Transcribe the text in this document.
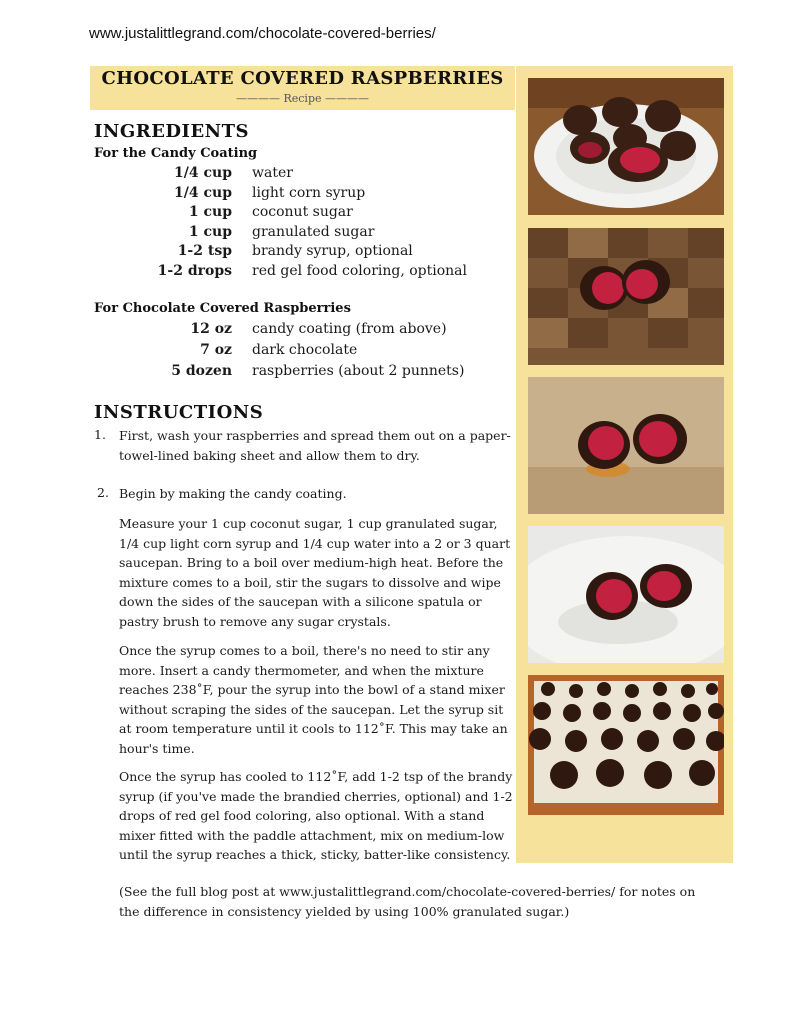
www.justalittlegrand.com/chocolate-covered-berries/
CHOCOLATE COVERED RASPBERRIES
———— Recipe ————
INGREDIENTS
For the Candy Coating
1/4 cup water
1/4 cup light corn syrup
1 cup coconut sugar
1 cup granulated sugar
1-2 tsp brandy syrup, optional
1-2 drops red gel food coloring, optional
For Chocolate Covered Raspberries
12 oz candy coating (from above)
7 oz dark chocolate
5 dozen raspberries (about 2 punnets)
INSTRUCTIONS
1. First, wash your raspberries and spread them out on a paper-towel-lined baking sheet and allow them to dry.

2. Begin by making the candy coating.

Measure your 1 cup coconut sugar, 1 cup granulated sugar, 1/4 cup light corn syrup and 1/4 cup water into a 2 or 3 quart saucepan. Bring to a boil over medium-high heat. Before the mixture comes to a boil, stir the sugars to dissolve and wipe down the sides of the saucepan with a silicone spatula or pastry brush to remove any sugar crystals.

Once the syrup comes to a boil, there's no need to stir any more. Insert a candy thermometer, and when the mixture reaches 238˚F, pour the syrup into the bowl of a stand mixer without scraping the sides of the saucepan. Let the syrup sit at room temperature until it cools to 112˚F. This may take an hour's time.

Once the syrup has cooled to 112˚F, add 1-2 tsp of the brandy syrup (if you've made the brandied cherries, optional) and 1-2 drops of red gel food coloring, also optional. With a stand mixer fitted with the paddle attachment, mix on medium-low until the syrup reaches a thick, sticky, batter-like consistency.

(See the full blog post at www.justalittlegrand.com/chocolate-covered-berries/ for notes on the difference in consistency yielded by using 100% granulated sugar.)
